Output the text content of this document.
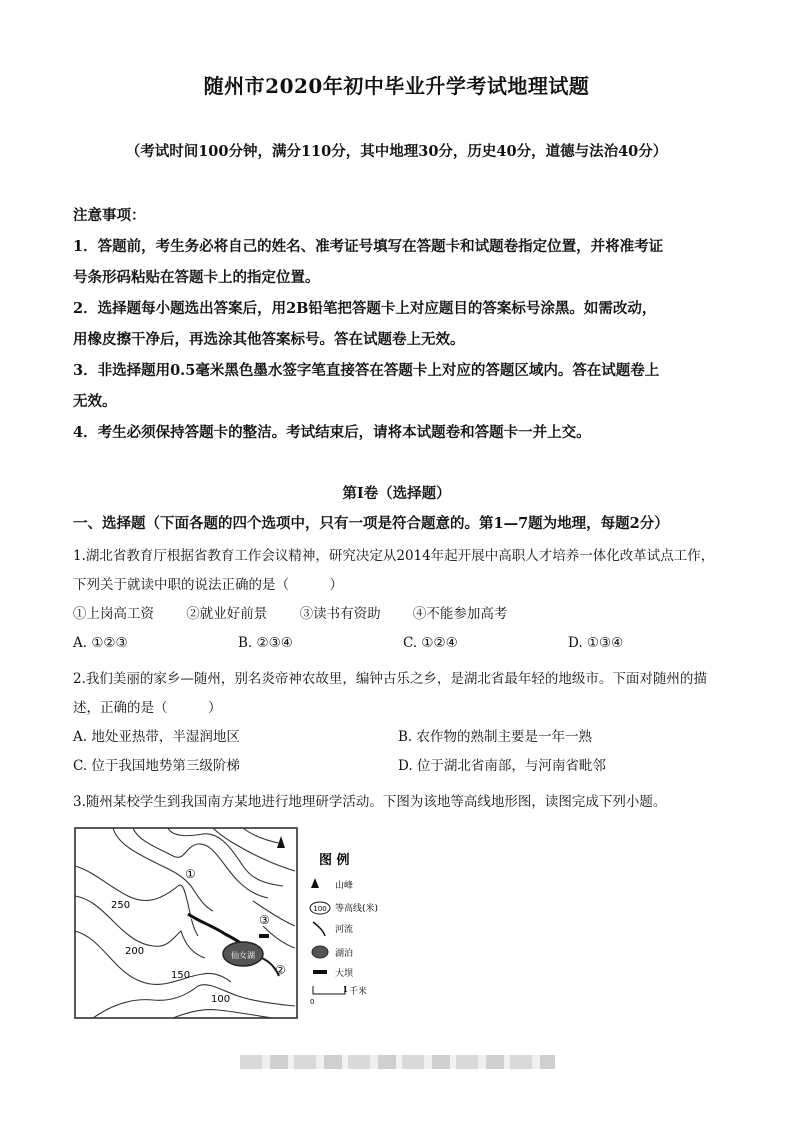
随州市2020年初中毕业升学考试地理试题
（考试时间100分钟，满分110分，其中地理30分，历史40分，道德与法治40分）

注意事项：

1．答题前，考生务必将自己的姓名、准考证号填写在答题卡和试题卷指定位置，并将准考证

号条形码粘贴在答题卡上的指定位置。

2．选择题每小题选出答案后，用2B铅笔把答题卡上对应题目的答案标号涂黑。如需改动，

用橡皮擦干净后，再选涂其他答案标号。答在试题卷上无效。

3．非选择题用0.5毫米黑色墨水签字笔直接答在答题卡上对应的答题区域内。答在试题卷上

无效。

4．考生必须保持答题卡的整洁。考试结束后，请将本试题卷和答题卡一并上交。

第Ⅰ卷（选择题）
一、选择题（下面各题的四个选项中，只有一项是符合题意的。第1—7题为地理，每题2分）

1.湖北省教育厅根据省教育工作会议精神，研究决定从2014年起开展中高职人才培养一体化改革试点工作，

下列关于就读中职的说法正确的是（　　　）

①上岗高工资 ②就业好前景 ③读书有资助 ④不能参加高考

A. ①②③	B. ②③④	C. ①②④	D. ①③④

2.我们美丽的家乡—随州，别名炎帝神农故里，编钟古乐之乡，是湖北省最年轻的地级市。下面对随州的描

述，正确的是（　　　）

A. 地处亚热带，半湿润地区	B. 农作物的熟制主要是一年一熟
C. 位于我国地势第三级阶梯	D. 位于湖北省南部，与河南省毗邻

3.随州某校学生到我国南方某地进行地理研学活动。下图为该地等高线地形图，读图完成下列小题。

仙女湖
250
200
150
100
①
②
③
图 例
山峰
100 等高线(米)
河流
湖泊
大坝
0
1 千米
